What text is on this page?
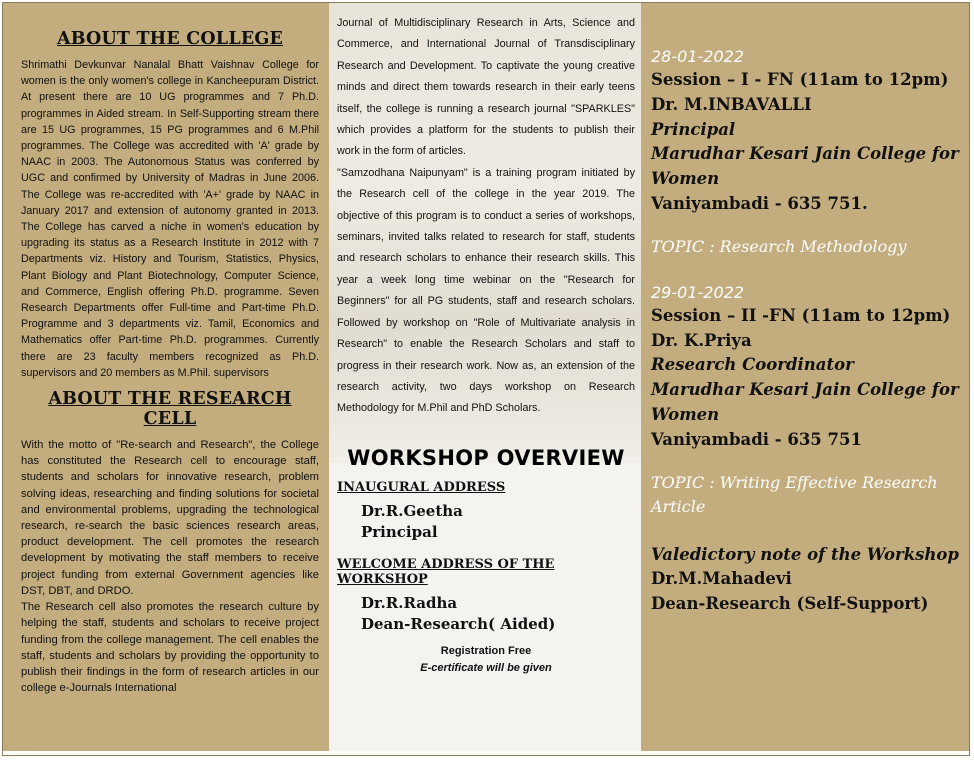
ABOUT THE COLLEGE

Shrimathi Devkunvar Nanalal Bhatt Vaishnav College for women is the only women's college in Kancheepuram District. At present there are 10 UG programmes and 7 Ph.D. programmes in Aided stream. In Self-Supporting stream there are 15 UG programmes, 15 PG programmes and 6 M.Phil programmes. The College was accredited with 'A' grade by NAAC in 2003. The Autonomous Status was conferred by UGC and confirmed by University of Madras in June 2006. The College was re-accredited with 'A+' grade by NAAC in January 2017 and extension of autonomy granted in 2013. The College has carved a niche in women's education by upgrading its status as a Research Institute in 2012 with 7 Departments viz. History and Tourism, Statistics, Physics, Plant Biology and Plant Biotechnology, Computer Science, and Commerce, English offering Ph.D. programme. Seven Research Departments offer Full-time and Part-time Ph.D. Programme and 3 departments viz. Tamil, Economics and Mathematics offer Part-time Ph.D. programmes. Currently there are 23 faculty members recognized as Ph.D. supervisors and 20 members as M.Phil. supervisors

ABOUT THE RESEARCH CELL

With the motto of "Re-search and Research", the College has constituted the Research cell to encourage staff, students and scholars for innovative research, problem solving ideas, researching and finding solutions for societal and environmental problems, upgrading the technological research, re-search the basic sciences research areas, product development. The cell promotes the research development by motivating the staff members to receive project funding from external Government agencies like DST, DBT, and DRDO.

The Research cell also promotes the research culture by helping the staff, students and scholars to receive project funding from the college management. The cell enables the staff, students and scholars by providing the opportunity to publish their findings in the form of research articles in our college e-Journals International

Journal of Multidisciplinary Research in Arts, Science and Commerce, and International Journal of Transdisciplinary Research and Development. To captivate the young creative minds and direct them towards research in their early teens itself, the college is running a research journal "SPARKLES" which provides a platform for the students to publish their work in the form of articles.

"Samzodhana Naipunyam" is a training program initiated by the Research cell of the college in the year 2019. The objective of this program is to conduct a series of workshops, seminars, invited talks related to research for staff, students and research scholars to enhance their research skills. This year a week long time webinar on the "Research for Beginners" for all PG students, staff and research scholars. Followed by workshop on "Role of Multivariate analysis in Research" to enable the Research Scholars and staff to progress in their research work. Now as, an extension of the research activity, two days workshop on Research Methodology for M.Phil and PhD Scholars.

WORKSHOP OVERVIEW
INAUGURAL ADDRESS
Dr.R.Geetha
Principal
WELCOME ADDRESS OF THE WORKSHOP
Dr.R.Radha
Dean-Research( Aided)
Registration Free
E-certificate will be given
28-01-2022

Session – I - FN (11am to 12pm)

Dr. M.INBAVALLI

Principal

Marudhar Kesari Jain College for Women

Vaniyambadi - 635 751.

TOPIC : Research Methodology
29-01-2022

Session – II -FN (11am to 12pm)

Dr. K.Priya

Research Coordinator

Marudhar Kesari Jain College for Women

Vaniyambadi - 635 751

TOPIC : Writing Effective Research Article

Valedictory note of the Workshop

Dr.M.Mahadevi

Dean-Research (Self-Support)
